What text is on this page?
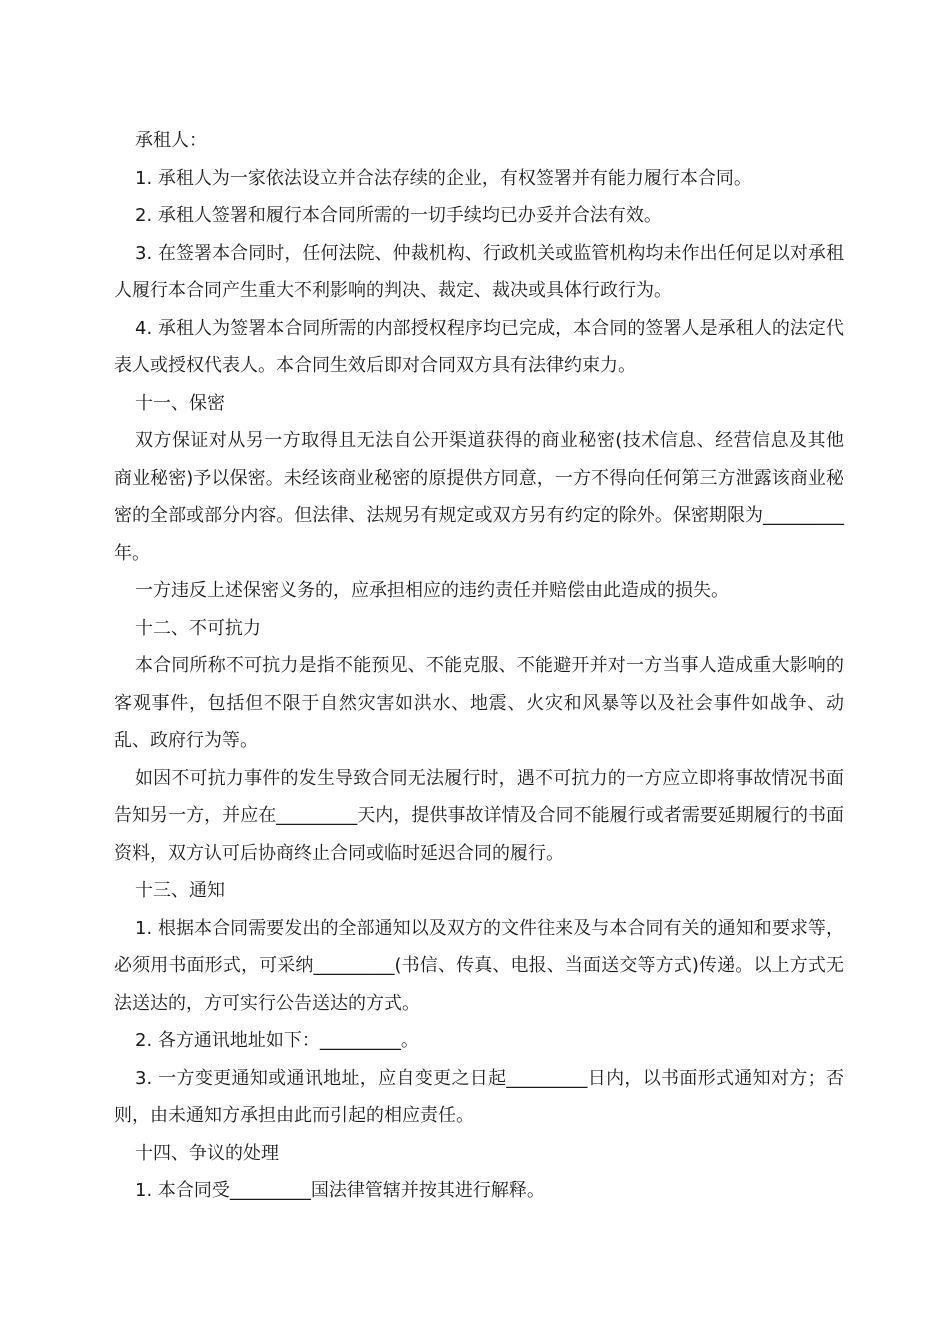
承租人：

1. 承租人为一家依法设立并合法存续的企业，有权签署并有能力履行本合同。

2. 承租人签署和履行本合同所需的一切手续均已办妥并合法有效。

3. 在签署本合同时，任何法院、仲裁机构、行政机关或监管机构均未作出任何足以对承租人履行本合同产生重大不利影响的判决、裁定、裁决或具体行政行为。

4. 承租人为签署本合同所需的内部授权程序均已完成，本合同的签署人是承租人的法定代表人或授权代表人。本合同生效后即对合同双方具有法律约束力。

十一、保密

双方保证对从另一方取得且无法自公开渠道获得的商业秘密(技术信息、经营信息及其他商业秘密)予以保密。未经该商业秘密的原提供方同意，一方不得向任何第三方泄露该商业秘密的全部或部分内容。但法律、法规另有规定或双方另有约定的除外。保密期限为_________年。

一方违反上述保密义务的，应承担相应的违约责任并赔偿由此造成的损失。

十二、不可抗力

本合同所称不可抗力是指不能预见、不能克服、不能避开并对一方当事人造成重大影响的客观事件，包括但不限于自然灾害如洪水、地震、火灾和风暴等以及社会事件如战争、动乱、政府行为等。

如因不可抗力事件的发生导致合同无法履行时，遇不可抗力的一方应立即将事故情况书面告知另一方，并应在_________天内，提供事故详情及合同不能履行或者需要延期履行的书面资料，双方认可后协商终止合同或临时延迟合同的履行。

十三、通知

1. 根据本合同需要发出的全部通知以及双方的文件往来及与本合同有关的通知和要求等，必须用书面形式，可采纳_________(书信、传真、电报、当面送交等方式)传递。以上方式无法送达的，方可实行公告送达的方式。

2. 各方通讯地址如下：_________。

3. 一方变更通知或通讯地址，应自变更之日起_________日内，以书面形式通知对方；否则，由未通知方承担由此而引起的相应责任。

十四、争议的处理

1. 本合同受_________国法律管辖并按其进行解释。
